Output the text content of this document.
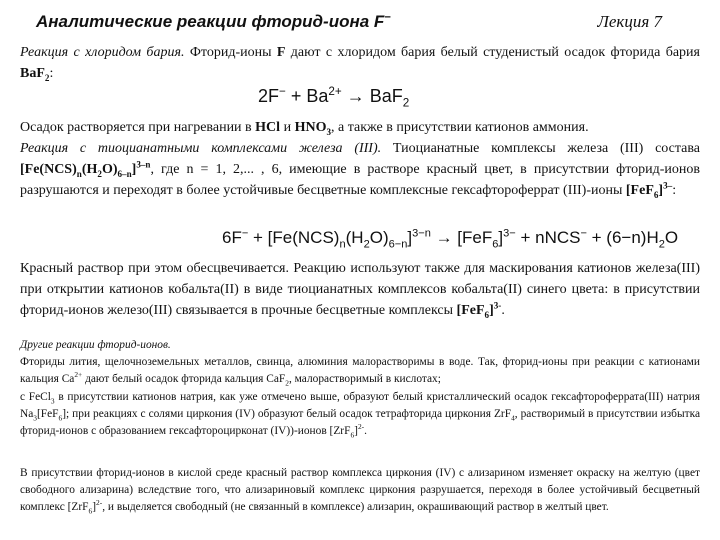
Аналитические реакции фторид-иона F−	Лекция 7
Реакция с хлоридом бария. Фторид-ионы F дают с хлоридом бария белый студенистый осадок фторида бария BaF$_2$:
$2F^- + Ba^{2+} \to BaF_2$
Осадок растворяется при нагревании в HCl и $HNO_3$, а также в присутствии катионов аммония.
Реакция с тиоцианатными комплексами железа (III). Тиоцианатные комплексы железа (III) состава $[Fe(NCS)_n(H_2O)_{6-n}]^{3-n}$, где n = 1, 2,... , 6, имеющие в растворе красный цвет, в присутствии фторид-ионов разрушаются и переходят в более устойчивые бесцветные комплексные гексафтороферрат (III)-ионы $[FeF_6]^{3-}$:
$6F^- + [Fe(NCS)_n(H_2O)_{6-n}]^{3-n} \to [FeF_6]^{3-}$ + nNCS− + $(6-n)H_2O$
Красный раствор при этом обесцвечивается. Реакцию используют также для маскирования катионов железа(III) при открытии катионов кобальта(II) в виде тиоцианатных комплексов кобальта(II) синего цвета: в присутствии фторид-ионов железо(III) связывается в прочные бесцветные комплексы $[FeF_6]^{3-}$.
Другие реакции фторид-ионов.
Фториды лития, щелочноземельных металлов, свинца, алюминия малорастворимы в воде. Так, фторид-ионы при реакции с катионами кальция $Ca^{2+}$ дают белый осадок фторида кальция CaF$_2$, малорастворимый в кислотах;
с FeCl$_3$ в присутствии катионов натрия, как уже отмечено выше, образуют белый кристаллический осадок гексафтороферрата(III) натрия $Na_3[FeF_6]$; при реакциях с солями циркония (IV) образуют белый осадок тетрафторида циркония ZrF$_4$, растворимый в присутствии избытка фторид-ионов с образованием гексафтороцирконат (IV))-ионов $[ZrF_6]^{2-}$.
В присутствии фторид-ионов в кислой среде красный раствор комплекса циркония (IV) с ализарином изменяет окраску на желтую (цвет свободного ализарина) вследствие того, что ализариновый комплекс циркония разрушается, переходя в более устойчивый бесцветный комплекс $[ZrF_6]^{2-}$, и выделяется свободный (не связанный в комплексе) ализарин, окрашивающий раствор в желтый цвет.
